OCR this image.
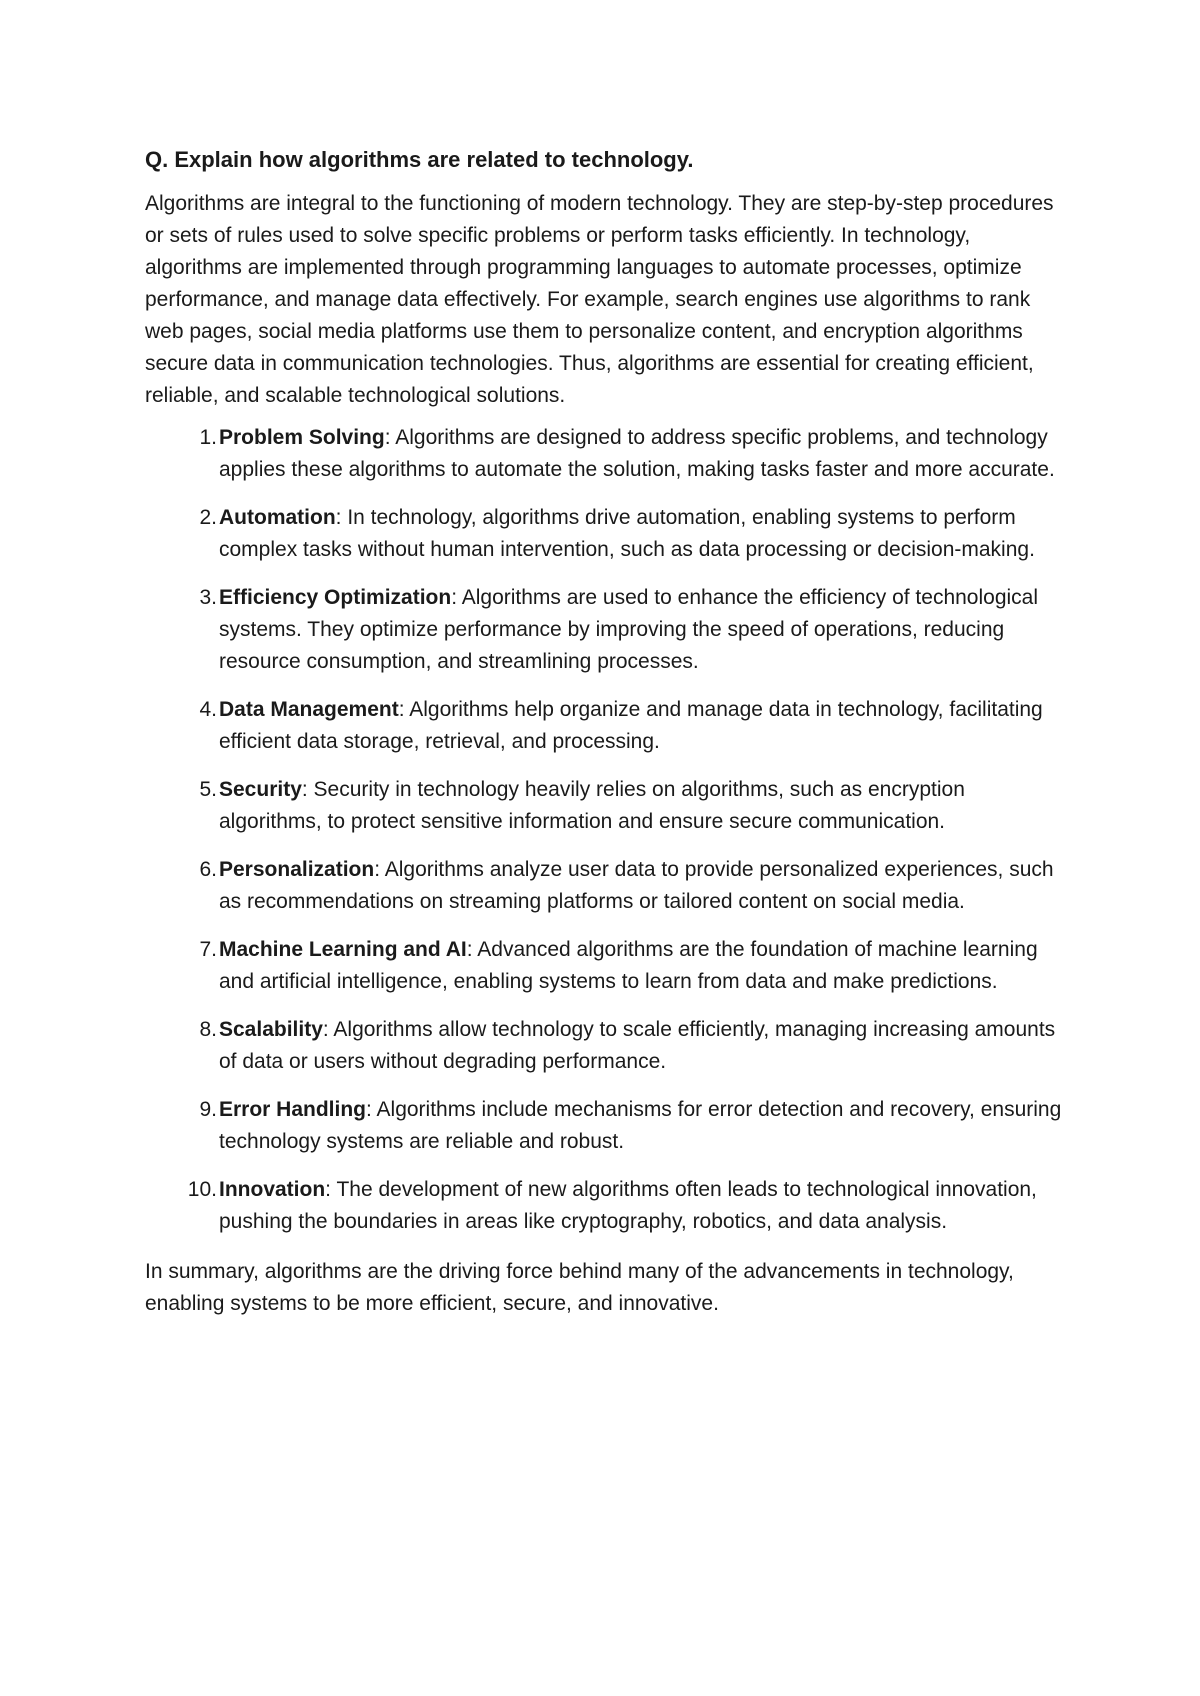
Q. Explain how algorithms are related to technology.

Algorithms are integral to the functioning of modern technology. They are step-by-step procedures or sets of rules used to solve specific problems or perform tasks efficiently. In technology, algorithms are implemented through programming languages to automate processes, optimize performance, and manage data effectively. For example, search engines use algorithms to rank web pages, social media platforms use them to personalize content, and encryption algorithms secure data in communication technologies. Thus, algorithms are essential for creating efficient, reliable, and scalable technological solutions.

1. Problem Solving: Algorithms are designed to address specific problems, and technology applies these algorithms to automate the solution, making tasks faster and more accurate.
2. Automation: In technology, algorithms drive automation, enabling systems to perform complex tasks without human intervention, such as data processing or decision-making.
3. Efficiency Optimization: Algorithms are used to enhance the efficiency of technological systems. They optimize performance by improving the speed of operations, reducing resource consumption, and streamlining processes.
4. Data Management: Algorithms help organize and manage data in technology, facilitating efficient data storage, retrieval, and processing.
5. Security: Security in technology heavily relies on algorithms, such as encryption algorithms, to protect sensitive information and ensure secure communication.
6. Personalization: Algorithms analyze user data to provide personalized experiences, such as recommendations on streaming platforms or tailored content on social media.
7. Machine Learning and AI: Advanced algorithms are the foundation of machine learning and artificial intelligence, enabling systems to learn from data and make predictions.
8. Scalability: Algorithms allow technology to scale efficiently, managing increasing amounts of data or users without degrading performance.
9. Error Handling: Algorithms include mechanisms for error detection and recovery, ensuring technology systems are reliable and robust.
10. Innovation: The development of new algorithms often leads to technological innovation, pushing the boundaries in areas like cryptography, robotics, and data analysis.

In summary, algorithms are the driving force behind many of the advancements in technology, enabling systems to be more efficient, secure, and innovative.
